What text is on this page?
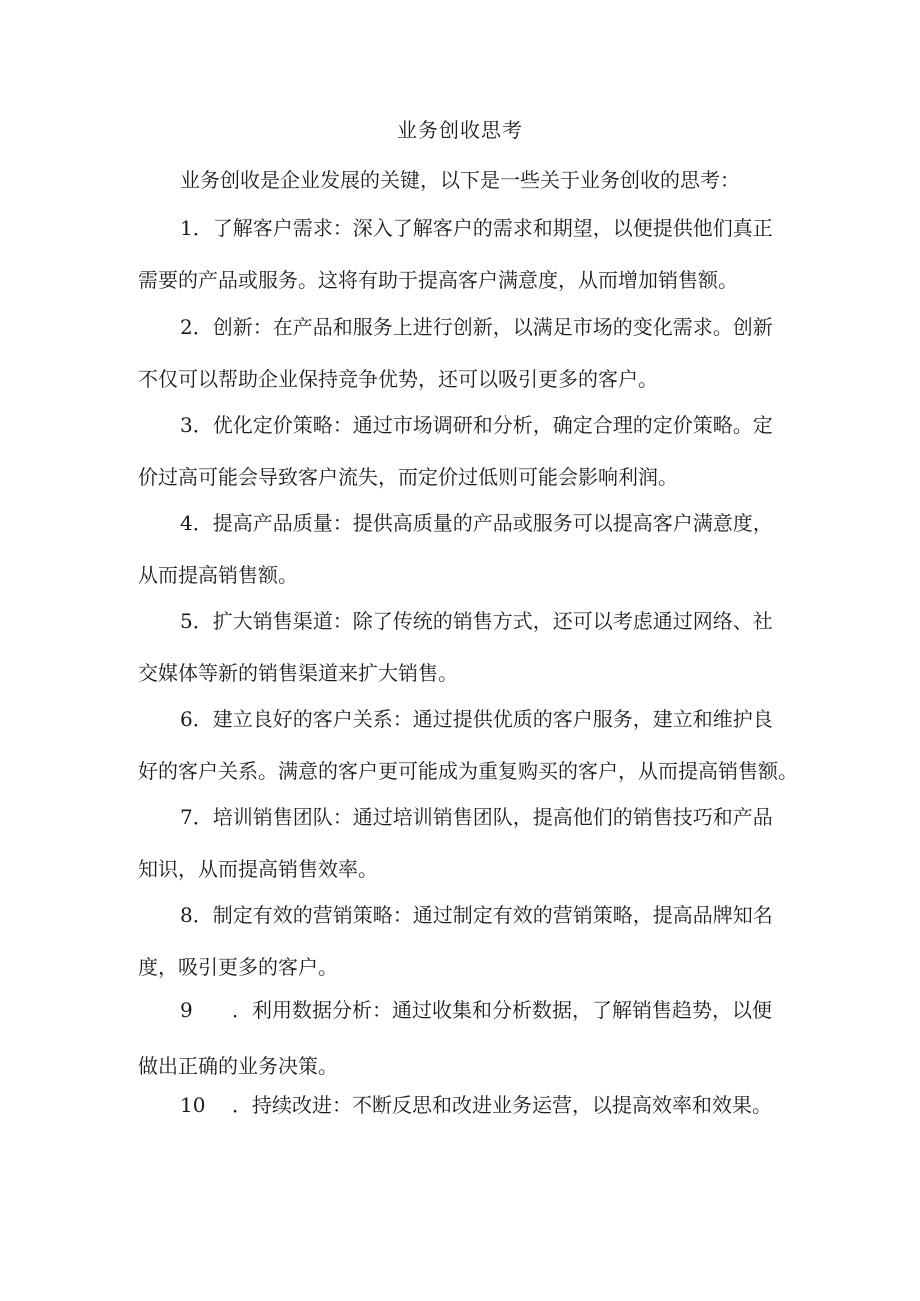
业务创收思考
业务创收是企业发展的关键，以下是一些关于业务创收的思考：
1．了解客户需求：深入了解客户的需求和期望，以便提供他们真正
需要的产品或服务。这将有助于提高客户满意度，从而增加销售额。
2．创新：在产品和服务上进行创新，以满足市场的变化需求。创新
不仅可以帮助企业保持竞争优势，还可以吸引更多的客户。
3．优化定价策略：通过市场调研和分析，确定合理的定价策略。定
价过高可能会导致客户流失，而定价过低则可能会影响利润。
4．提高产品质量：提供高质量的产品或服务可以提高客户满意度，
从而提高销售额。
5．扩大销售渠道：除了传统的销售方式，还可以考虑通过网络、社
交媒体等新的销售渠道来扩大销售。
6．建立良好的客户关系：通过提供优质的客户服务，建立和维护良
好的客户关系。满意的客户更可能成为重复购买的客户，从而提高销售额。
7．培训销售团队：通过培训销售团队，提高他们的销售技巧和产品
知识，从而提高销售效率。
8．制定有效的营销策略：通过制定有效的营销策略，提高品牌知名
度，吸引更多的客户。
9 ．利用数据分析：通过收集和分析数据，了解销售趋势，以便
做出正确的业务决策。
10 ．持续改进：不断反思和改进业务运营，以提高效率和效果。
